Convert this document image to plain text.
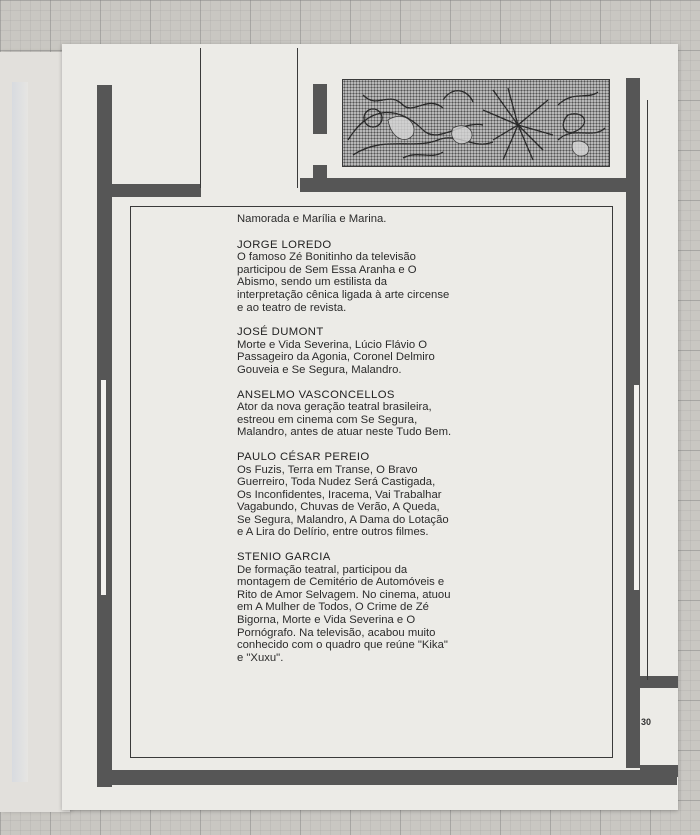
Namorada e Marília e Marina.

JORGE LOREDO

O famoso Zé Bonitinho da televisão participou de Sem Essa Aranha e O Abismo, sendo um estilista da interpretação cênica ligada à arte circense e ao teatro de revista.

JOSÉ DUMONT

Morte e Vida Severina, Lúcio Flávio O Passageiro da Agonia, Coronel Delmiro Gouveia e Se Segura, Malandro.

ANSELMO VASCONCELLOS

Ator da nova geração teatral brasileira, estreou em cinema com Se Segura, Malandro, antes de atuar neste Tudo Bem.

PAULO CÉSAR PEREIO

Os Fuzis, Terra em Transe, O Bravo Guerreiro, Toda Nudez Será Castigada, Os Inconfidentes, Iracema, Vai Trabalhar Vagabundo, Chuvas de Verão, A Queda, Se Segura, Malandro, A Dama do Lotação e A Lira do Delírio, entre outros filmes.

STENIO GARCIA

De formação teatral, participou da montagem de Cemitério de Automóveis e Rito de Amor Selvagem. No cinema, atuou em A Mulher de Todos, O Crime de Zé Bigorna, Morte e Vida Severina e O Pornógrafo. Na televisão, acabou muito conhecido com o quadro que reúne "Kika" e "Xuxu".

30
